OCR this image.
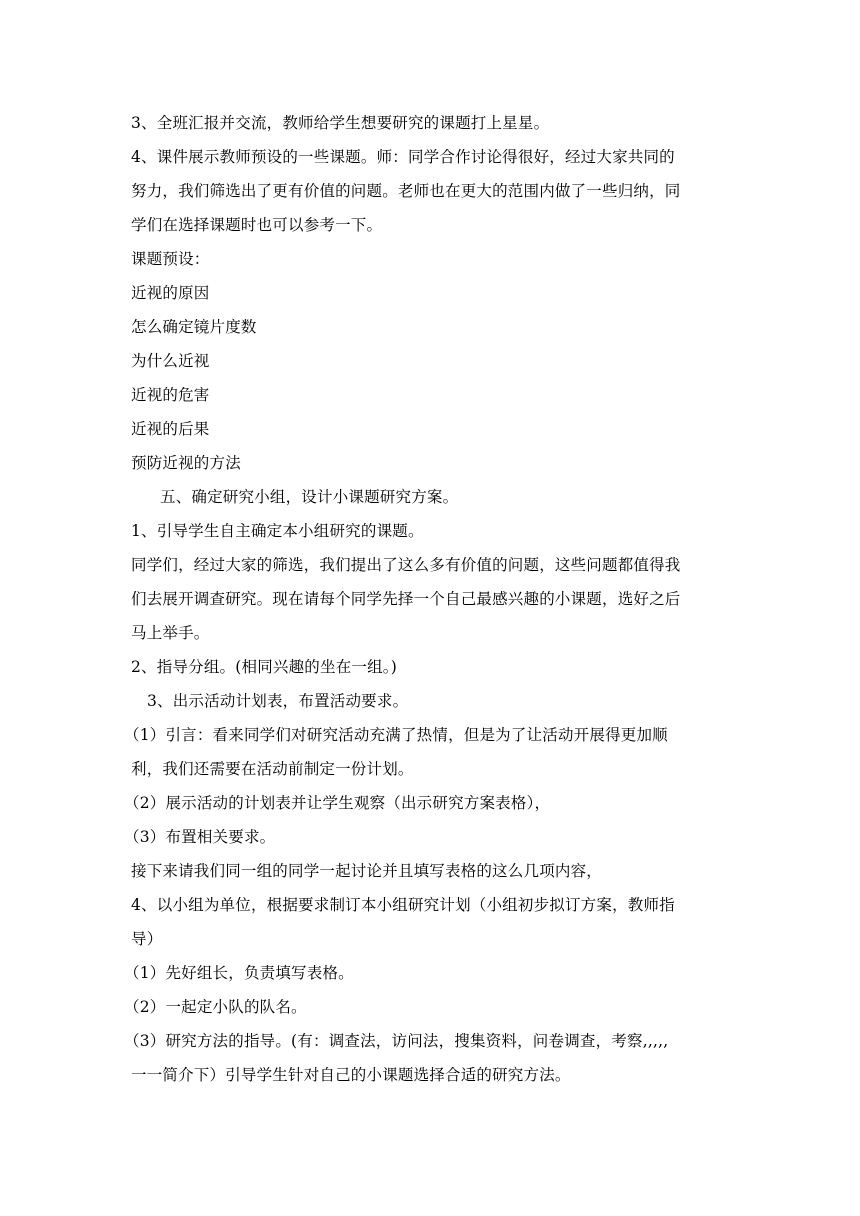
3、全班汇报并交流，教师给学生想要研究的课题打上星星。
4、课件展示教师预设的一些课题。师：同学合作讨论得很好，经过大家共同的
努力，我们筛选出了更有价值的问题。老师也在更大的范围内做了一些归纳，同
学们在选择课题时也可以参考一下。
课题预设：
近视的原因
怎么确定镜片度数
为什么近视
近视的危害
近视的后果
预防近视的方法
五、确定研究小组，设计小课题研究方案。
1、引导学生自主确定本小组研究的课题。
同学们，经过大家的筛选，我们提出了这么多有价值的问题，这些问题都值得我
们去展开调查研究。现在请每个同学先择一个自己最感兴趣的小课题，选好之后
马上举手。
2、指导分组。(相同兴趣的坐在一组。)
3、出示活动计划表，布置活动要求。
（1）引言：看来同学们对研究活动充满了热情，但是为了让活动开展得更加顺
利，我们还需要在活动前制定一份计划。
（2）展示活动的计划表并让学生观察（出示研究方案表格），
（3）布置相关要求。
接下来请我们同一组的同学一起讨论并且填写表格的这么几项内容，
4、以小组为单位，根据要求制订本小组研究计划（小组初步拟订方案，教师指
导）
（1）先好组长，负责填写表格。
（2）一起定小队的队名。
（3）研究方法的指导。(有：调查法，访问法，搜集资料，问卷调查，考察,,,,,
一一简介下）引导学生针对自己的小课题选择合适的研究方法。
